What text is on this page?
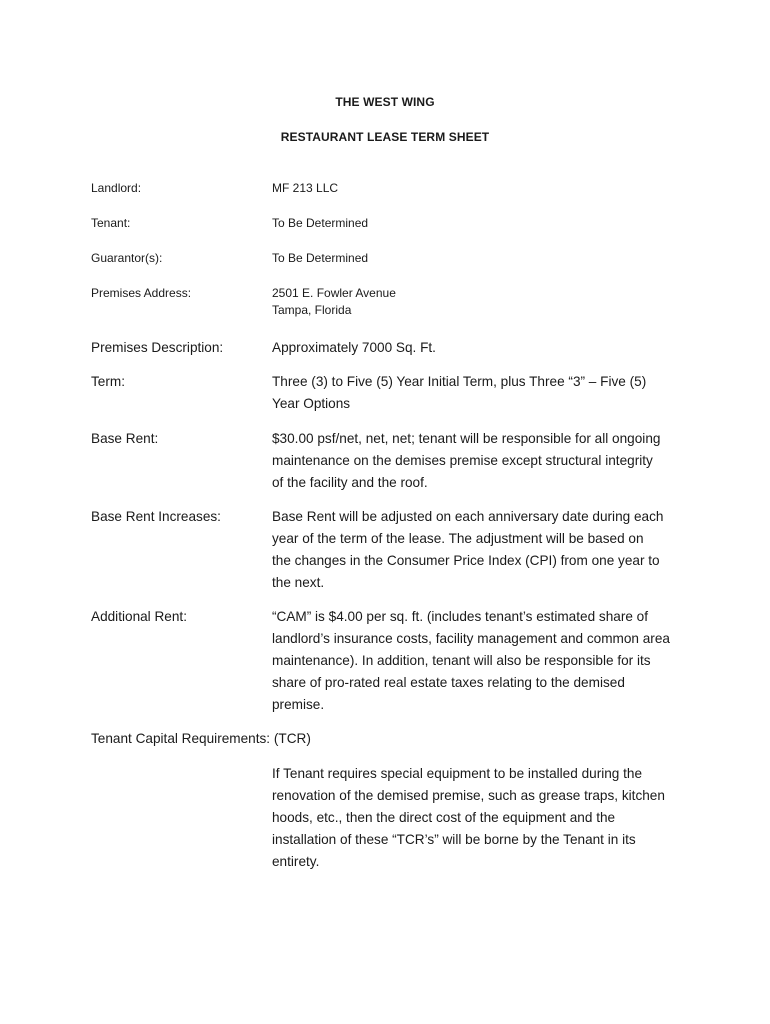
THE WEST WING
RESTAURANT LEASE TERM SHEET
Landlord:	MF 213 LLC
Tenant:	To Be Determined
Guarantor(s):	To Be Determined
Premises Address:	2501 E. Fowler Avenue
Tampa, Florida
Premises Description:	Approximately 7000 Sq. Ft.
Term:	Three (3) to Five (5) Year Initial Term, plus Three “3” – Five (5)
Year Options
Base Rent:	$30.00 psf/net, net, net; tenant will be responsible for all ongoing
maintenance on the demises premise except structural integrity
of the facility and the roof.
Base Rent Increases:	Base Rent will be adjusted on each anniversary date during each
year of the term of the lease. The adjustment will be based on
the changes in the Consumer Price Index (CPI) from one year to
the next.
Additional Rent:	“CAM” is $4.00 per sq. ft. (includes tenant’s estimated share of
landlord’s insurance costs, facility management and common area
maintenance). In addition, tenant will also be responsible for its
share of pro-rated real estate taxes relating to the demised
premise.
Tenant Capital Requirements: (TCR)
If Tenant requires special equipment to be installed during the
renovation of the demised premise, such as grease traps, kitchen
hoods, etc., then the direct cost of the equipment and the
installation of these “TCR’s” will be borne by the Tenant in its
entirety.
